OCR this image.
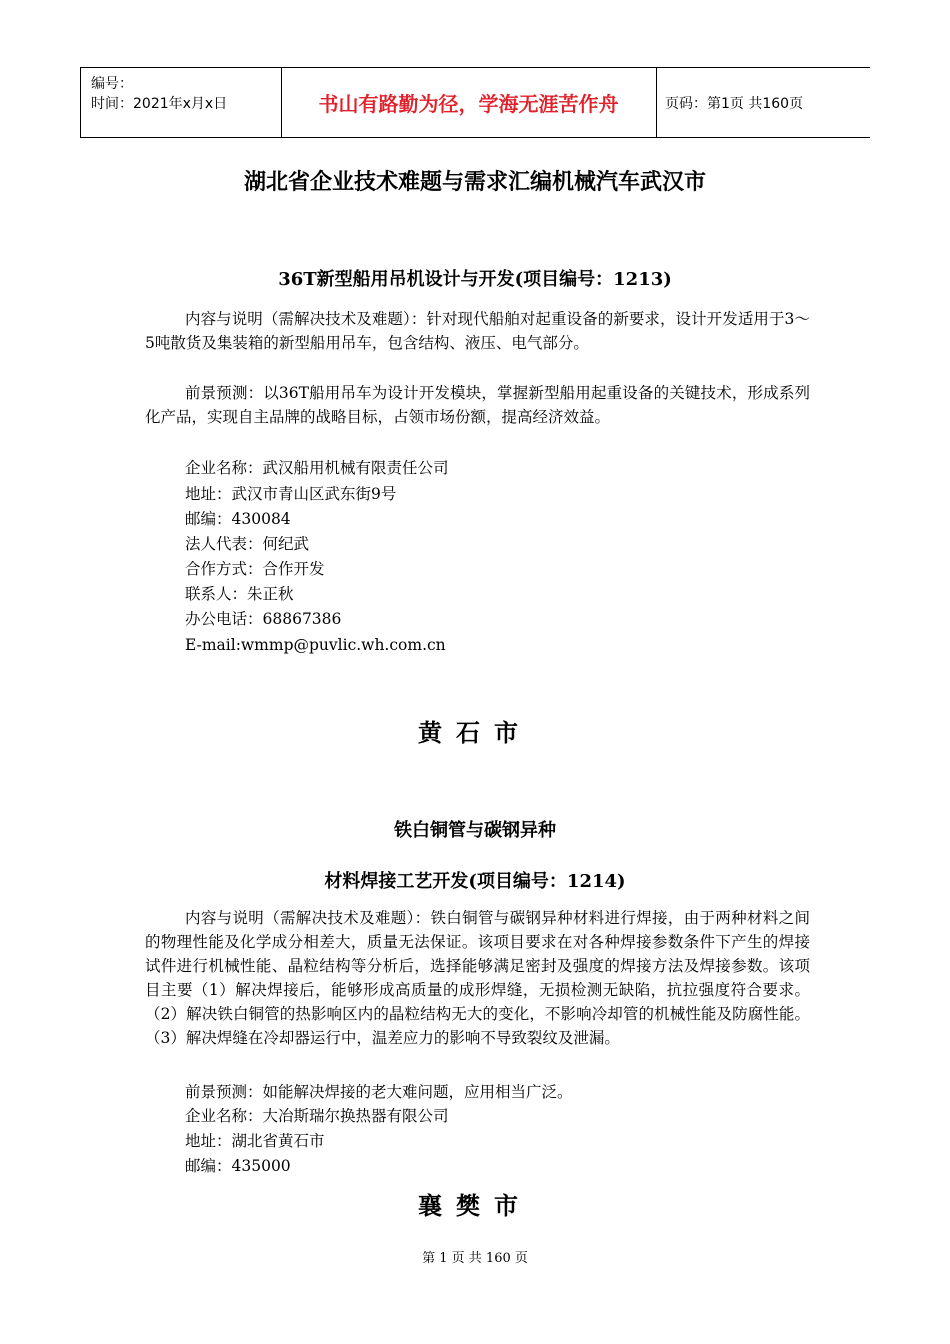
编号：
时间：2021年x月x日	书山有路勤为径，学海无涯苦作舟	页码：第1页 共160页
湖北省企业技术难题与需求汇编机械汽车武汉市
36T新型船用吊机设计与开发(项目编号：1213)

内容与说明（需解决技术及难题）：针对现代船舶对起重设备的新要求，设计开发适用于3～5吨散货及集装箱的新型船用吊车，包含结构、液压、电气部分。

前景预测：以36T船用吊车为设计开发模块，掌握新型船用起重设备的关键技术，形成系列化产品，实现自主品牌的战略目标，占领市场份额，提高经济效益。

企业名称：武汉船用机械有限责任公司
地址：武汉市青山区武东街9号
邮编：430084
法人代表：何纪武
合作方式：合作开发
联系人：朱正秋
办公电话：68867386
E-mail:wmmp@puvlic.wh.com.cn
黄石市
铁白铜管与碳钢异种
材料焊接工艺开发(项目编号：1214)

内容与说明（需解决技术及难题）：铁白铜管与碳钢异种材料进行焊接，由于两种材料之间的物理性能及化学成分相差大，质量无法保证。该项目要求在对各种焊接参数条件下产生的焊接试件进行机械性能、晶粒结构等分析后，选择能够满足密封及强度的焊接方法及焊接参数。该项目主要（1）解决焊接后，能够形成高质量的成形焊缝，无损检测无缺陷，抗拉强度符合要求。（2）解决铁白铜管的热影响区内的晶粒结构无大的变化，不影响冷却管的机械性能及防腐性能。（3）解决焊缝在冷却器运行中，温差应力的影响不导致裂纹及泄漏。

前景预测：如能解决焊接的老大难问题，应用相当广泛。

企业名称：大冶斯瑞尔换热器有限公司
地址：湖北省黄石市
邮编：435000
襄樊市
第 1 页 共 160 页
